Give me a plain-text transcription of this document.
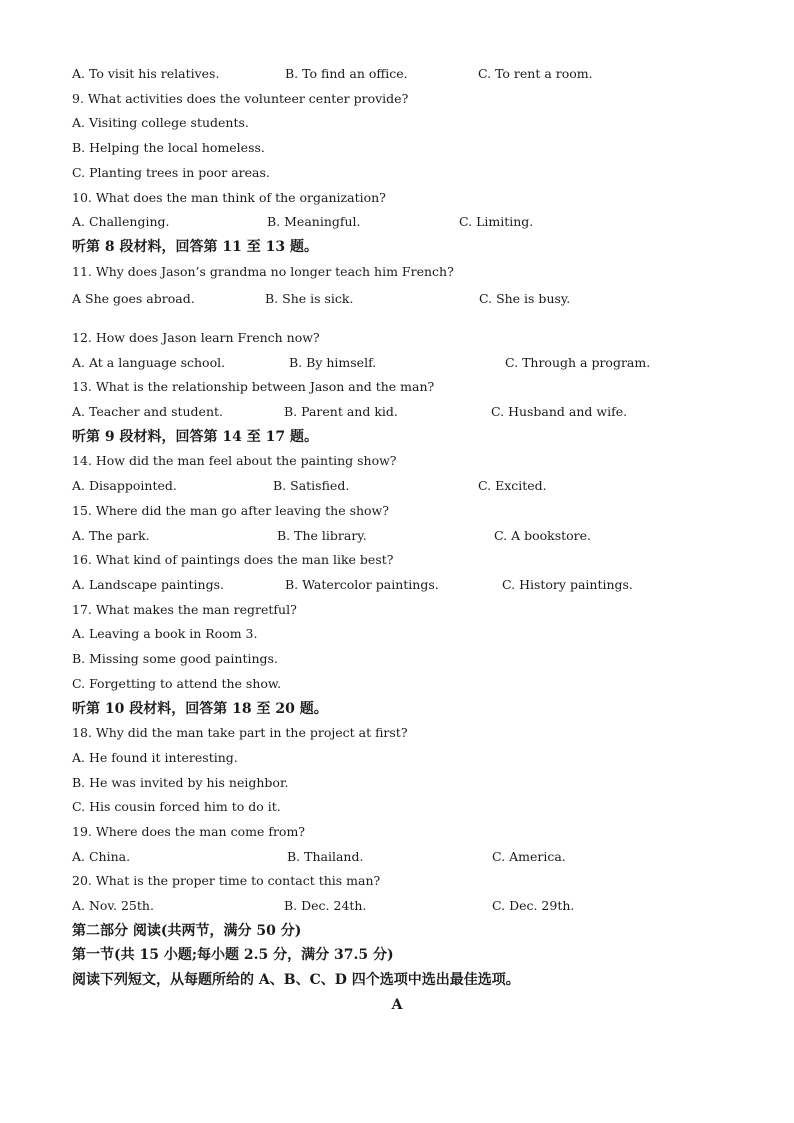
A. To visit his relatives.	B. To find an office.	C. To rent a room.
9. What activities does the volunteer center provide?
A. Visiting college students.
B. Helping the local homeless.
C. Planting trees in poor areas.
10. What does the man think of the organization?
A. Challenging.	B. Meaningful.	C. Limiting.
听第 8 段材料，回答第 11 至 13 题。
11. Why does Jason’s grandma no longer teach him French?
A She goes abroad.	B. She is sick.	C. She is busy.
12. How does Jason learn French now?
A. At a language school.	B. By himself.	C. Through a program.
13. What is the relationship between Jason and the man?
A. Teacher and student.	B. Parent and kid.	C. Husband and wife.
听第 9 段材料，回答第 14 至 17 题。
14. How did the man feel about the painting show?
A. Disappointed.	B. Satisfied.	C. Excited.
15. Where did the man go after leaving the show?
A. The park.	B. The library.	C. A bookstore.
16. What kind of paintings does the man like best?
A. Landscape paintings.	B. Watercolor paintings.	C. History paintings.
17. What makes the man regretful?
A. Leaving a book in Room 3.
B. Missing some good paintings.
C. Forgetting to attend the show.
听第 10 段材料，回答第 18 至 20 题。
18. Why did the man take part in the project at first?
A. He found it interesting.
B. He was invited by his neighbor.
C. His cousin forced him to do it.
19. Where does the man come from?
A. China.	B. Thailand.	C. America.
20. What is the proper time to contact this man?
A. Nov. 25th.	B. Dec. 24th.	C. Dec. 29th.
第二部分 阅读(共两节，满分 50 分)
第一节(共 15 小题;每小题 2.5 分，满分 37.5 分)
阅读下列短文，从每题所给的 A、B、C、D 四个选项中选出最佳选项。
A
